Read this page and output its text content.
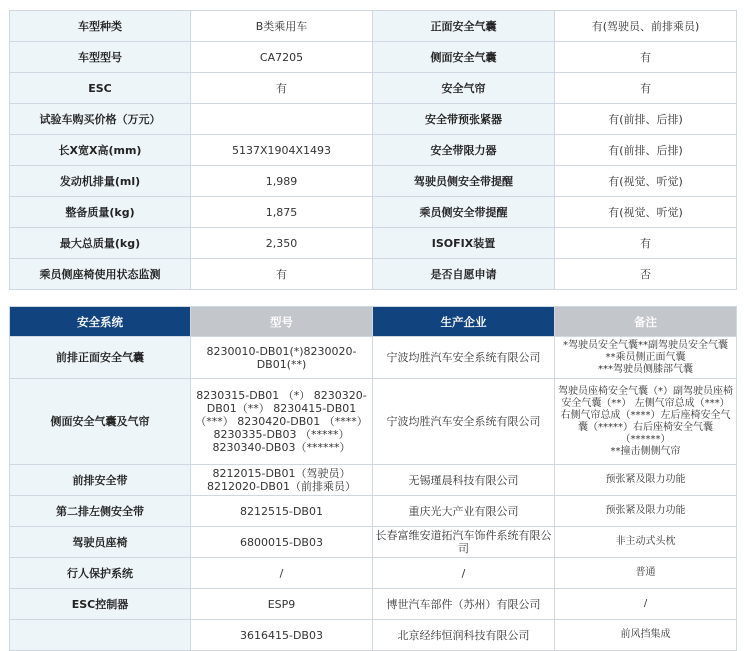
车型种类	B类乘用车	正面安全气囊	有(驾驶员、前排乘员)
车型型号	CA7205	侧面安全气囊	有
ESC	有	安全气帘	有
试验车购买价格（万元）		安全带预张紧器	有(前排、后排)
长X宽X高(mm)	5137X1904X1493	安全带限力器	有(前排、后排)
发动机排量(ml)	1,989	驾驶员侧安全带提醒	有(视觉、听觉)
整备质量(kg)	1,875	乘员侧安全带提醒	有(视觉、听觉)
最大总质量(kg)	2,350	ISOFIX装置	有
乘员侧座椅使用状态监测	有	是否自愿申请	否
安全系统	型号	生产企业	备注
前排正面安全气囊	8230010-DB01(*)8230020-DB01(**)	宁波均胜汽车安全系统有限公司	*驾驶员安全气囊**副驾驶员安全气囊
**乘员侧正面气囊
***驾驶员侧膝部气囊
侧面安全气囊及气帘	8230315-DB01 （*） 8230320-DB01（**） 8230415-DB01 （***） 8230420-DB01 （****） 8230335-DB03 （*****） 8230340-DB03（******）	宁波均胜汽车安全系统有限公司	驾驶员座椅安全气囊（*）副驾驶员座椅安全气囊（**） 左侧气帘总成（***）右侧气帘总成（****）左后座椅安全气囊（*****）右后座椅安全气囊（******）
**撞击侧侧气帘
前排安全带	8212015-DB01（驾驶员） 8212020-DB01（前排乘员）	无锡瑾晨科技有限公司	预张紧及限力功能
第二排左侧安全带	8212515-DB01	重庆光大产业有限公司	预张紧及限力功能
驾驶员座椅	6800015-DB03	长春富维安道拓汽车饰件系统有限公司	非主动式头枕
行人保护系统	/	/	普通
ESC控制器	ESP9	博世汽车部件（苏州）有限公司	/
	3616415-DB03	北京经纬恒润科技有限公司	前风挡集成
